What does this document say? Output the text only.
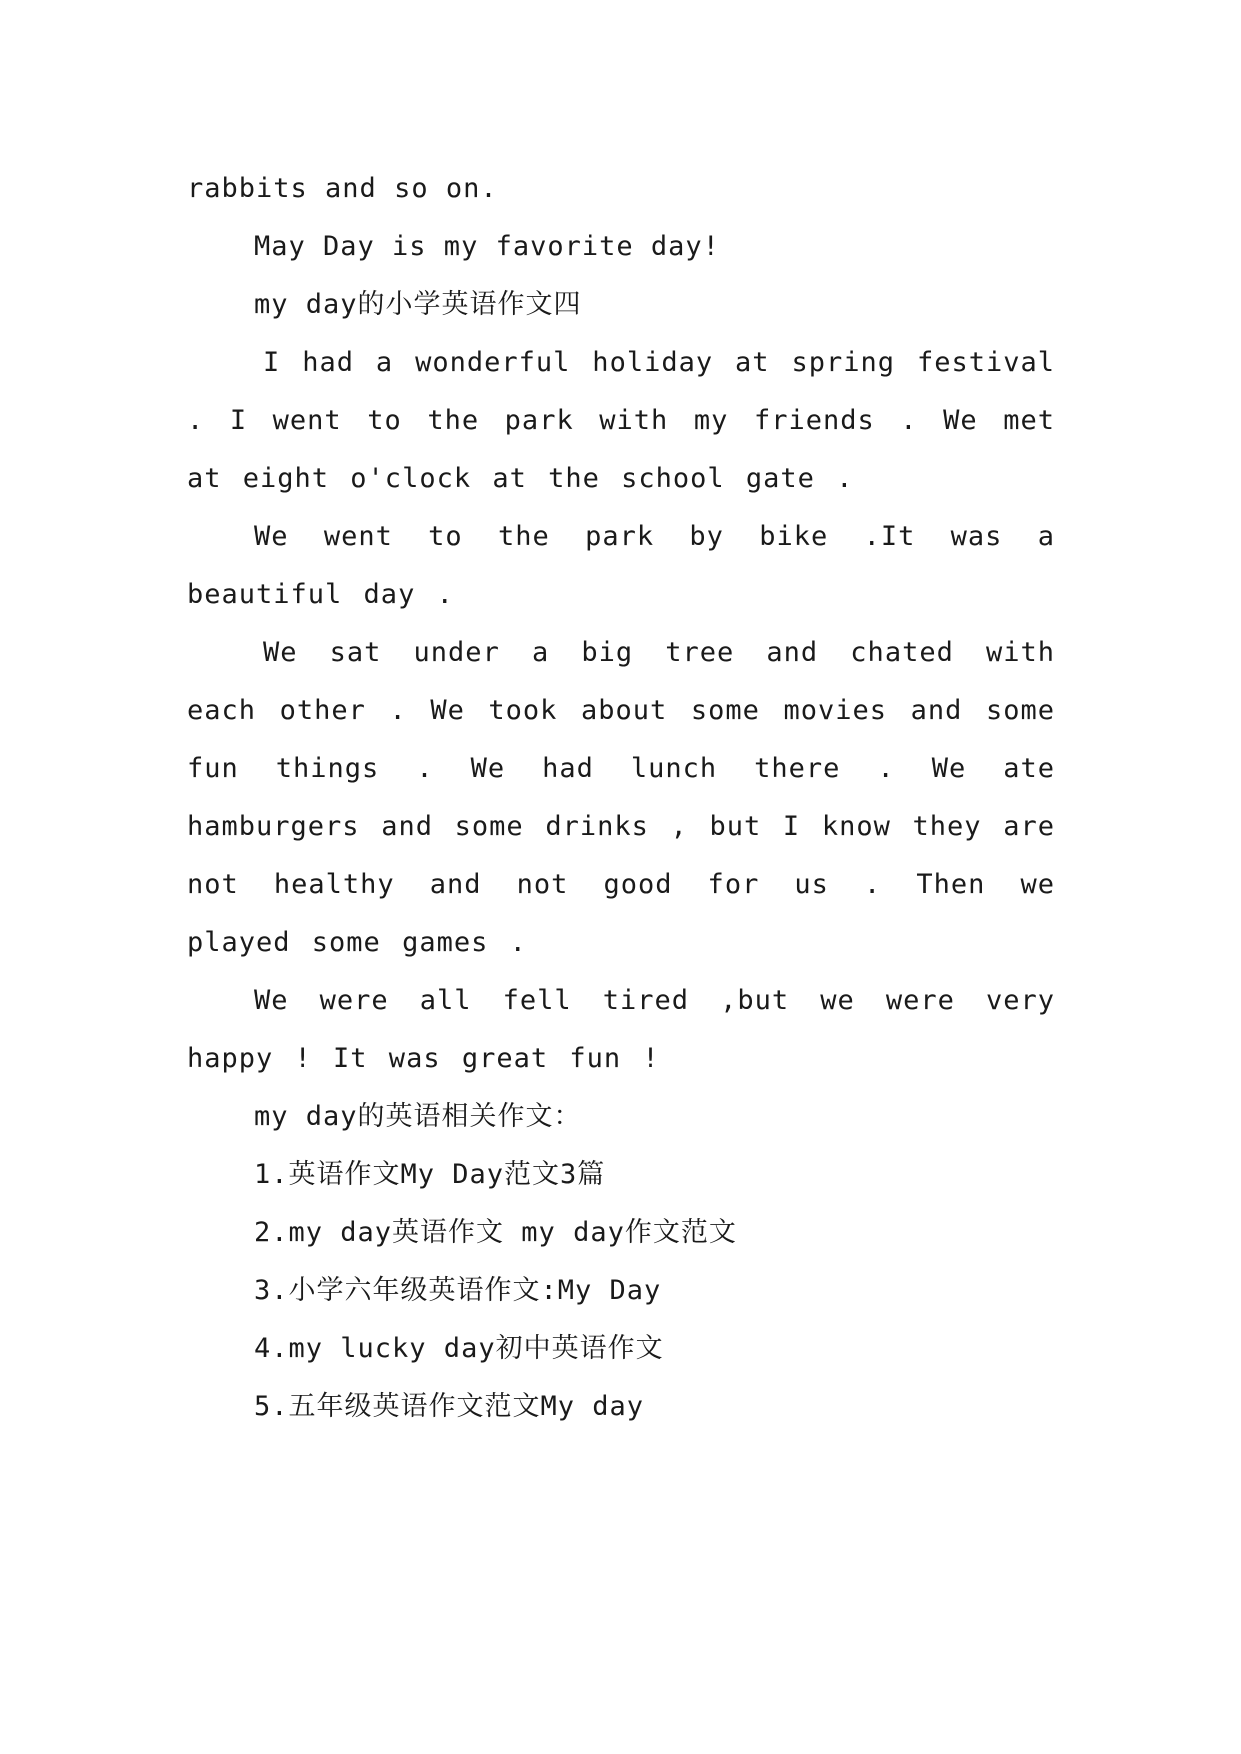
rabbits and so on.

May Day is my favorite day!

my day的小学英语作文四

I had a wonderful holiday at spring festival . I went to the park with my friends . We met at eight o'clock at the school gate .

We went to the park by bike .It was a beautiful day .

We sat under a big tree and chated with each other . We took about some movies and some fun things . We had lunch there . We ate hamburgers and some drinks , but I know they are not healthy and not good for us . Then we played some games .

We were all fell tired ,but we were very happy ! It was great fun !

my day的英语相关作文：

1.英语作文My Day范文3篇

2.my day英语作文 my day作文范文

3.小学六年级英语作文:My Day

4.my lucky day初中英语作文

5.五年级英语作文范文My day
